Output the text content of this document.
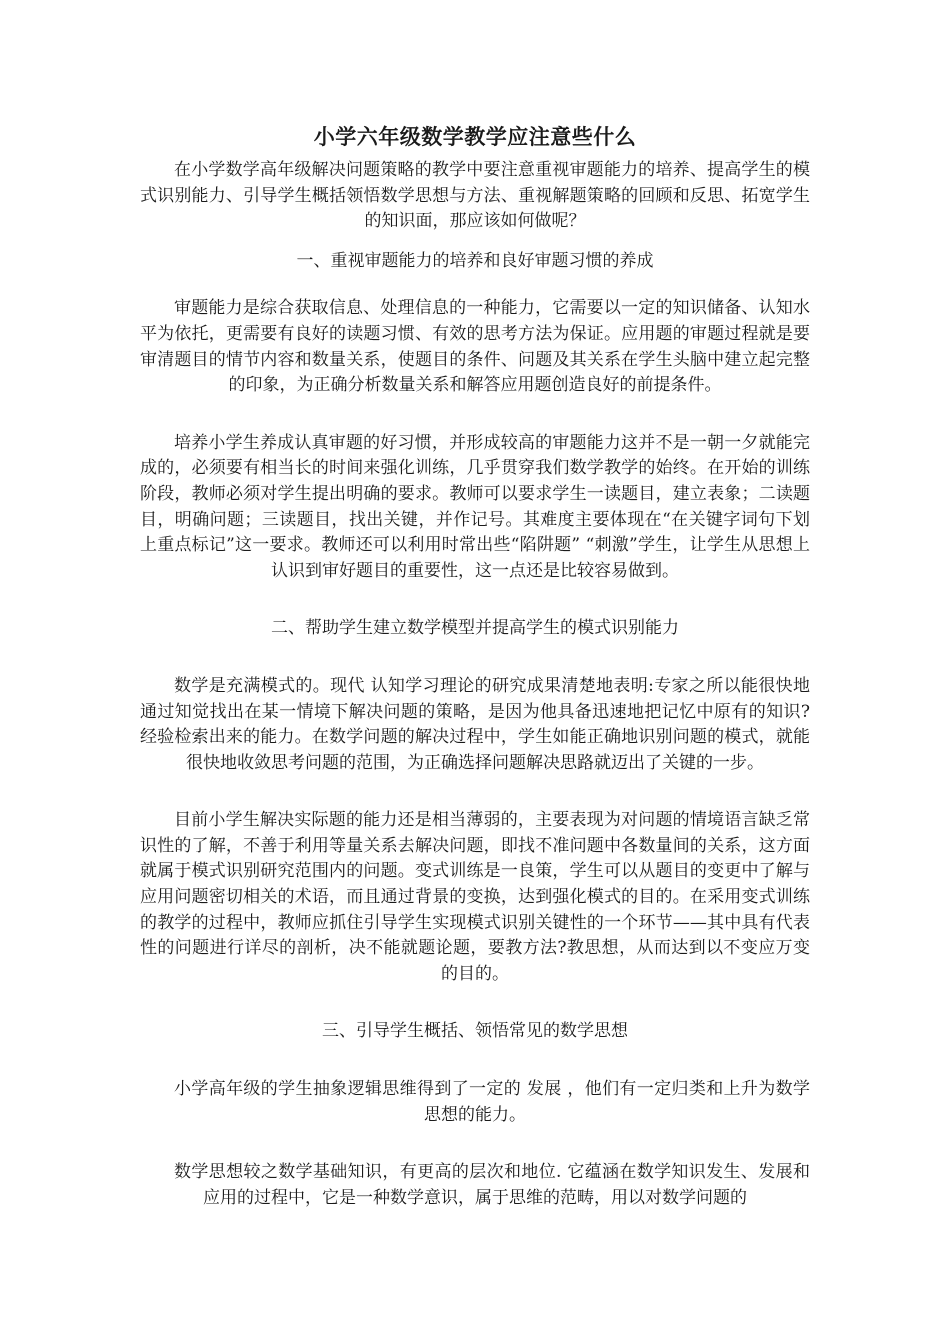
小学六年级数学教学应注意些什么

在小学数学高年级解决问题策略的教学中要注意重视审题能力的培养、提高学生的模式识别能力、引导学生概括领悟数学思想与方法、重视解题策略的回顾和反思、拓宽学生的知识面，那应该如何做呢？

一、重视审题能力的培养和良好审题习惯的养成

审题能力是综合获取信息、处理信息的一种能力，它需要以一定的知识储备、认知水平为依托，更需要有良好的读题习惯、有效的思考方法为保证。应用题的审题过程就是要审清题目的情节内容和数量关系，使题目的条件、问题及其关系在学生头脑中建立起完整的印象，为正确分析数量关系和解答应用题创造良好的前提条件。

培养小学生养成认真审题的好习惯，并形成较高的审题能力这并不是一朝一夕就能完成的，必须要有相当长的时间来强化训练，几乎贯穿我们数学教学的始终。在开始的训练阶段，教师必须对学生提出明确的要求。教师可以要求学生一读题目，建立表象；二读题目，明确问题；三读题目，找出关键，并作记号。其难度主要体现在“在关键字词句下划上重点标记”这一要求。教师还可以利用时常出些“陷阱题” “刺激”学生，让学生从思想上认识到审好题目的重要性，这一点还是比较容易做到。

二、帮助学生建立数学模型并提高学生的模式识别能力

数学是充满模式的。现代 认知学习理论的研究成果清楚地表明:专家之所以能很快地通过知觉找出在某一情境下解决问题的策略，是因为他具备迅速地把记忆中原有的知识?经验检索出来的能力。在数学问题的解决过程中，学生如能正确地识别问题的模式，就能很快地收敛思考问题的范围，为正确选择问题解决思路就迈出了关键的一步。

目前小学生解决实际题的能力还是相当薄弱的，主要表现为对问题的情境语言缺乏常识性的了解，不善于利用等量关系去解决问题，即找不准问题中各数量间的关系，这方面就属于模式识别研究范围内的问题。变式训练是一良策，学生可以从题目的变更中了解与应用问题密切相关的术语，而且通过背景的变换，达到强化模式的目的。在采用变式训练的教学的过程中，教师应抓住引导学生实现模式识别关键性的一个环节——其中具有代表性的问题进行详尽的剖析，决不能就题论题，要教方法?教思想，从而达到以不变应万变的目的。

三、引导学生概括、领悟常见的数学思想

小学高年级的学生抽象逻辑思维得到了一定的 发展 ，他们有一定归类和上升为数学思想的能力。

数学思想较之数学基础知识，有更高的层次和地位. 它蕴涵在数学知识发生、发展和应用的过程中，它是一种数学意识，属于思维的范畴，用以对数学问题的
